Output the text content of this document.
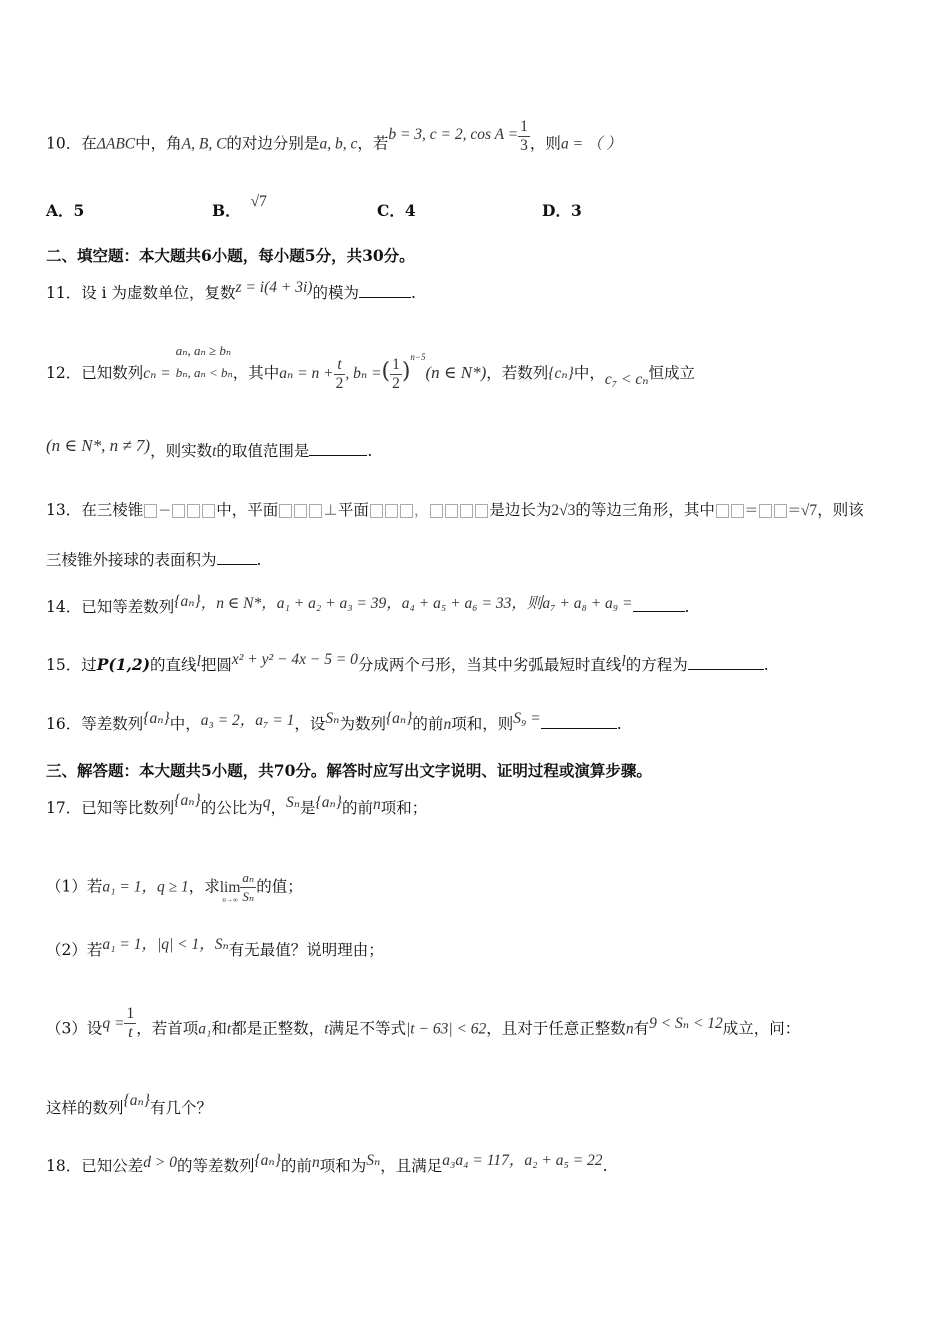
10．在ΔABC中，角A, B, C的对边分别是a, b, c，若b = 3, c = 2, $\cos A = \frac{1}{3}$ ，则a = （ ）
A．5	B． √7	C．4	D．3
二、填空题：本大题共6小题，每小题5分，共30分。
11．设 i 为虚数单位，复数z = i(4 + 3i)的模为	.
12．已知数列cₙ =
aₙ, aₙ ≥ bₙ
bₙ, aₙ < bₙ ，其中$a_n = n + \frac{t}{2}$ , bₙ =( $\frac{1}{2} )^{n-5}(n$ ∈ N*)，若数列{cₙ}中，c₇ < cₙ恒成立
(n ∈ N*, n ≠ 7)，则实数t的取值范围是	.
13．在三棱锥 −	中，平面	⊥平面	，	是边长为2√3的等边三角形，其中 = =√7，则该
三棱锥外接球的表面积为	.
14．已知等差数列{aₙ}，n ∈ N*，a₁ + a₂ + a₃ = 39，a₄ + a₅ + a₆ = 33，则a₇ + a₈ + a₉ =	.
15．过P(1,2)的直线l把圆x² + y² − 4x − 5 = 0分成两个弓形，当其中劣弧最短时直线l的方程为	.
16．等差数列{aₙ}中，a₃ = 2，a₇ = 1，设Sₙ为数列{aₙ}的前n项和，则S₉ =	.
三、解答题：本大题共5小题，共70分。解答时应写出文字说明、证明过程或演算步骤。
17．已知等比数列{aₙ}的公比为q，Sₙ是{aₙ}的前n项和；
（1）若a₁ = 1，q ≥ 1，求 lim
$n\to\infty \frac{\text{aₙ}}{\text{Sₙ}}$ 的值；
（2）若a₁ = 1，|q| < 1，Sₙ有无最值？说明理由；
（3）设$q = \frac{1}{t}$ ，若首项a₁和t都是正整数，t满足不等式|t − 63| < 62，且对于任意正整数n有9 < Sₙ < 12成立，问：
这样的数列{aₙ}有几个？
18．已知公差d > 0的等差数列{aₙ}的前n项和为Sₙ，且满足a₃a₄ = 117，a₂ + a₅ = 22.
